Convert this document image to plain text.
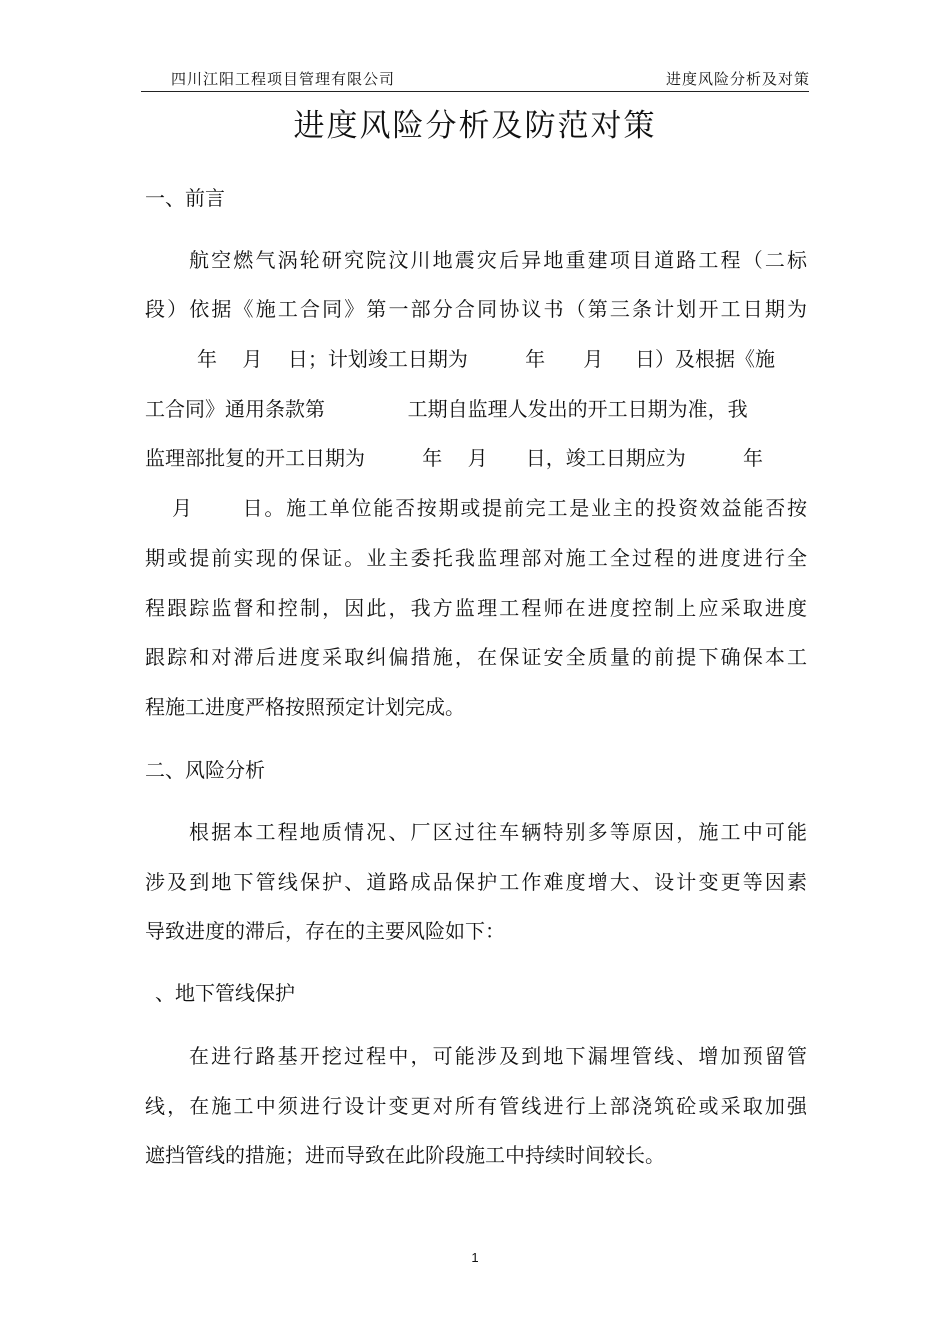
四川江阳工程项目管理有限公司	进度风险分析及对策
进度风险分析及防范对策
一、前言
航空燃气涡轮研究院汶川地震灾后异地重建项目道路工程（二标
段）依据《施工合同》第一部分合同协议书（第三条计划开工日期为
年    月    日；计划竣工日期为         年      月     日）及根据《施
工合同》通用条款第             工期自监理人发出的开工日期为准，我
监理部批复的开工日期为         年    月      日，竣工日期应为         年
月      日。施工单位能否按期或提前完工是业主的投资效益能否按
期或提前实现的保证。业主委托我监理部对施工全过程的进度进行全
程跟踪监督和控制，因此，我方监理工程师在进度控制上应采取进度
跟踪和对滞后进度采取纠偏措施，在保证安全质量的前提下确保本工
程施工进度严格按照预定计划完成。
二、风险分析
根据本工程地质情况、厂区过往车辆特别多等原因，施工中可能
涉及到地下管线保护、道路成品保护工作难度增大、设计变更等因素
导致进度的滞后，存在的主要风险如下：
、地下管线保护
在进行路基开挖过程中，可能涉及到地下漏埋管线、增加预留管
线，在施工中须进行设计变更对所有管线进行上部浇筑砼或采取加强
遮挡管线的措施；进而导致在此阶段施工中持续时间较长。
1
